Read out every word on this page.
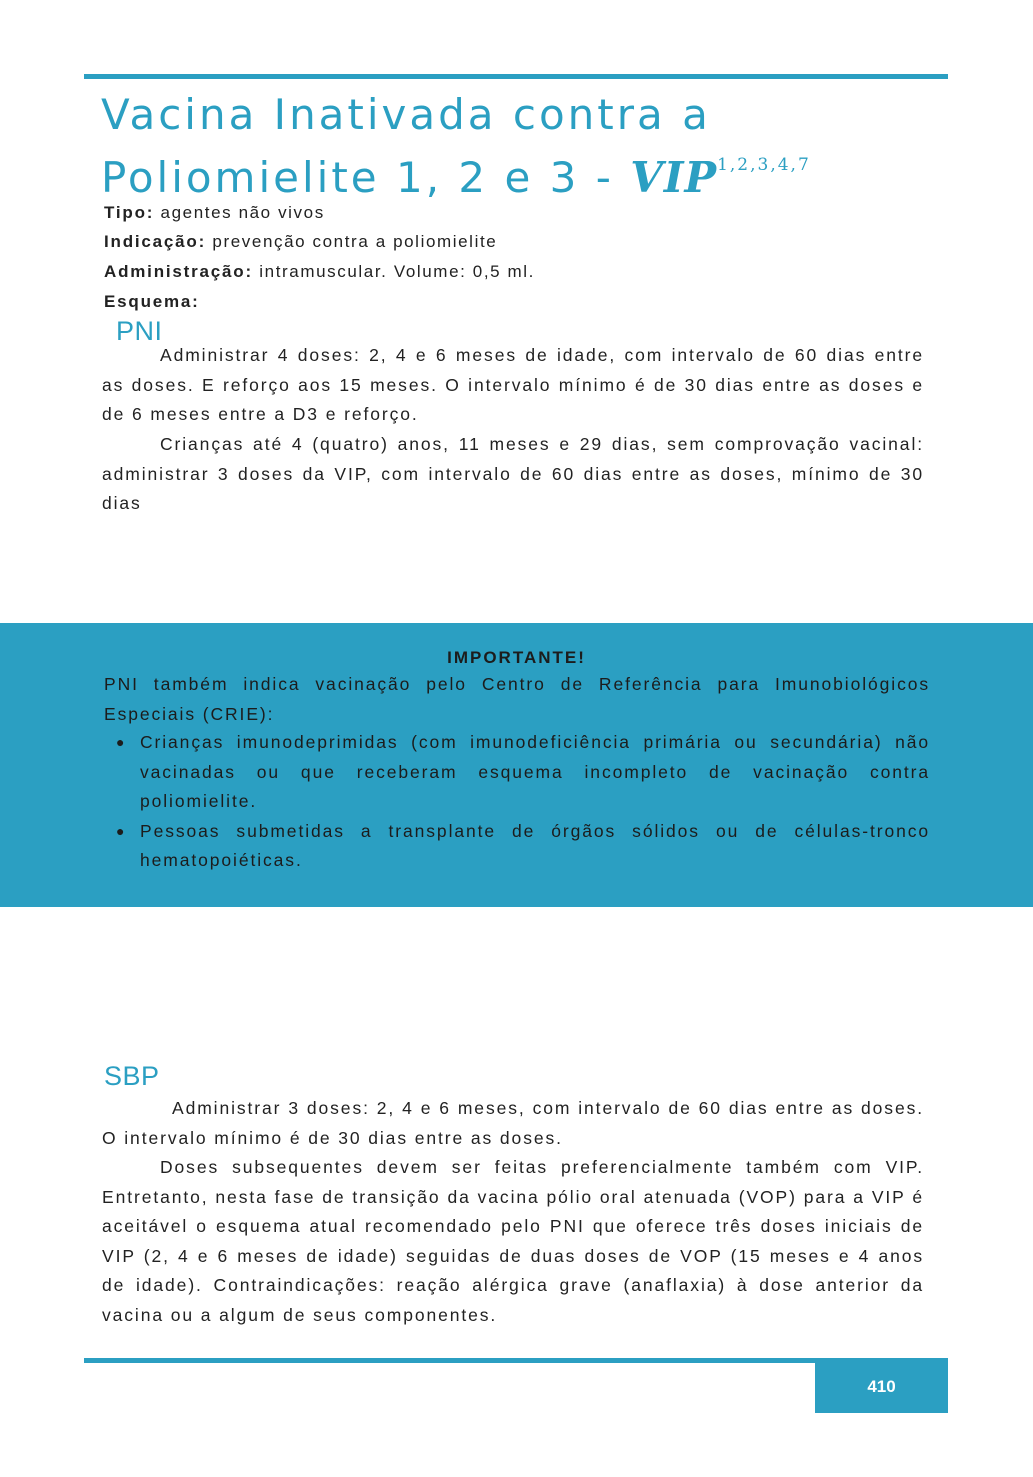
Vacina Inativada contra a
Poliomielite 1, 2 e 3 - VIP$^{1,2,3,4,7}$
Tipo: agentes não vivos
Indicação: prevenção contra a poliomielite
Administração: intramuscular. Volume: 0,5 ml.
Esquema:
PNI

Administrar 4 doses: 2, 4 e 6 meses de idade, com intervalo de 60 dias entre as doses. E reforço aos 15 meses. O intervalo mínimo é de 30 dias entre as doses e de 6 meses entre a D3 e reforço.

Crianças até 4 (quatro) anos, 11 meses e 29 dias, sem comprovação vacinal: administrar 3 doses da VIP, com intervalo de 60 dias entre as doses, mínimo de 30 dias

IMPORTANTE!

PNI também indica vacinação pelo Centro de Referência para Imunobiológicos Especiais (CRIE):

● Crianças imunodeprimidas (com imunodeficiência primária ou secundária) não vacinadas ou que receberam esquema incompleto de vacinação contra poliomielite.
● Pessoas submetidas a transplante de órgãos sólidos ou de células-tronco hematopoiéticas.
SBP

Administrar 3 doses: 2, 4 e 6 meses, com intervalo de 60 dias entre as doses. O intervalo mínimo é de 30 dias entre as doses.

Doses subsequentes devem ser feitas preferencialmente também com VIP. Entretanto, nesta fase de transição da vacina pólio oral atenuada (VOP) para a VIP é aceitável o esquema atual recomendado pelo PNI que oferece três doses iniciais de VIP (2, 4 e 6 meses de idade) seguidas de duas doses de VOP (15 meses e 4 anos de idade). Contraindicações: reação alérgica grave (anaflaxia) à dose anterior da vacina ou a algum de seus componentes.

410
